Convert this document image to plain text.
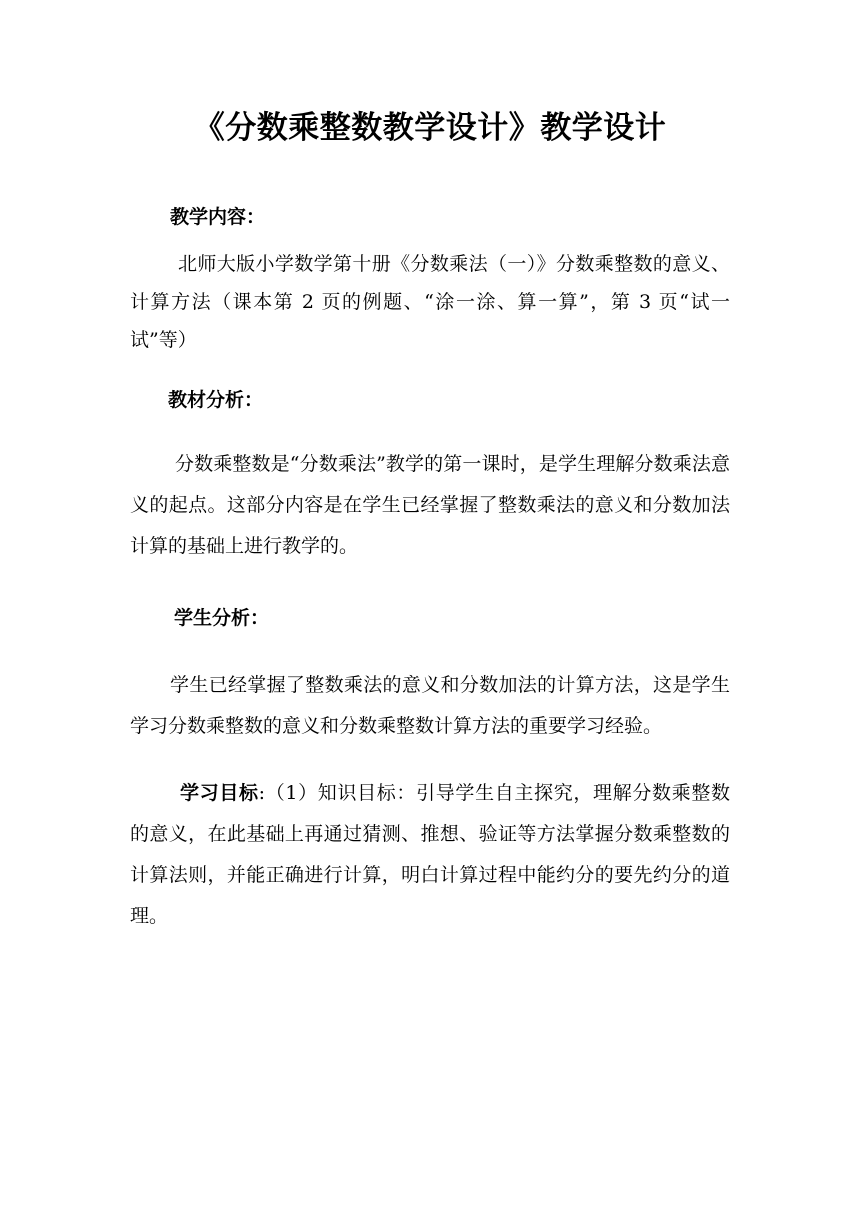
《分数乘整数教学设计》教学设计
教学内容：

北师大版小学数学第十册《分数乘法（一）》分数乘整数的意义、计算方法（课本第 2 页的例题、“涂一涂、算一算”，第 3 页“试一试”等）

教材分析：

分数乘整数是“分数乘法”教学的第一课时，是学生理解分数乘法意义的起点。这部分内容是在学生已经掌握了整数乘法的意义和分数加法计算的基础上进行教学的。

学生分析：

学生已经掌握了整数乘法的意义和分数加法的计算方法，这是学生学习分数乘整数的意义和分数乘整数计算方法的重要学习经验。

学习目标:（1）知识目标：引导学生自主探究，理解分数乘整数的意义，在此基础上再通过猜测、推想、验证等方法掌握分数乘整数的计算法则，并能正确进行计算，明白计算过程中能约分的要先约分的道理。
